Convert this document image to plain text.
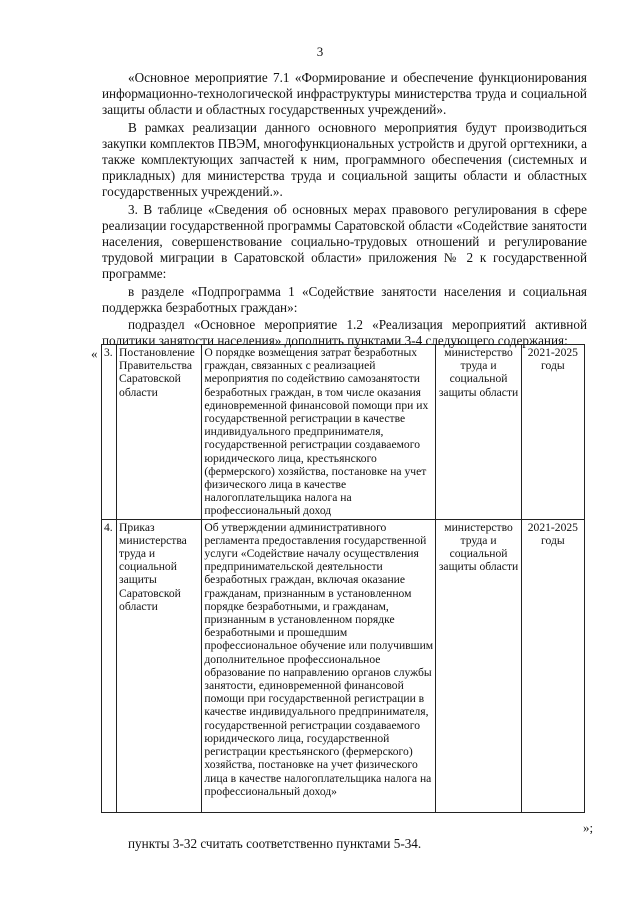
3

«Основное мероприятие 7.1 «Формирование и обеспечение функционирования информационно-технологической инфраструктуры министерства труда и социальной защиты области и областных государственных учреждений».

В рамках реализации данного основного мероприятия будут производиться закупки комплектов ПВЭМ, многофункциональных устройств и другой оргтехники, а также комплектующих запчастей к ним, программного обеспечения (системных и прикладных) для министерства труда и социальной защиты области и областных государственных учреждений.».

3. В таблице «Сведения об основных мерах правового регулирования в сфере реализации государственной программы Саратовской области «Содействие занятости населения, совершенствование социально-трудовых отношений и регулирование трудовой миграции в Саратовской области» приложения № 2 к государственной программе:

в разделе «Подпрограмма 1 «Содействие занятости населения и социальная поддержка безработных граждан»:

подраздел «Основное мероприятие 1.2 «Реализация мероприятий активной политики занятости населения» дополнить пунктами 3-4 следующего содержания:

« 3.	Постановление Правительства Саратовской области	О порядке возмещения затрат безработных граждан, связанных с реализацией мероприятия по содействию самозанятости безработных граждан, в том числе оказания единовременной финансовой помощи при их государственной регистрации в качестве индивидуального предпринимателя, государственной регистрации создаваемого юридического лица, крестьянского (фермерского) хозяйства, постановке на учет физического лица в качестве налогоплательщика налога на профессиональный доход	министерство труда и социальной защиты области	2021-2025 годы
4.	Приказ министерства труда и социальной защиты Саратовской области	Об утверждении административного регламента предоставления государственной услуги «Содействие началу осуществления предпринимательской деятельности безработных граждан, включая оказание гражданам, признанным в установленном порядке безработными, и гражданам, признанным в установленном порядке безработными и прошедшим профессиональное обучение или получившим дополнительное профессиональное образование по направлению органов службы занятости, единовременной финансовой помощи при государственной регистрации в качестве индивидуального предпринимателя, государственной регистрации создаваемого юридического лица, государственной регистрации крестьянского (фермерского) хозяйства, постановке на учет физического лица в качестве налогоплательщика налога на профессиональный доход»	министерство труда и социальной защиты области	2021-2025 годы
»;
пункты 3-32 считать соответственно пунктами 5-34.
